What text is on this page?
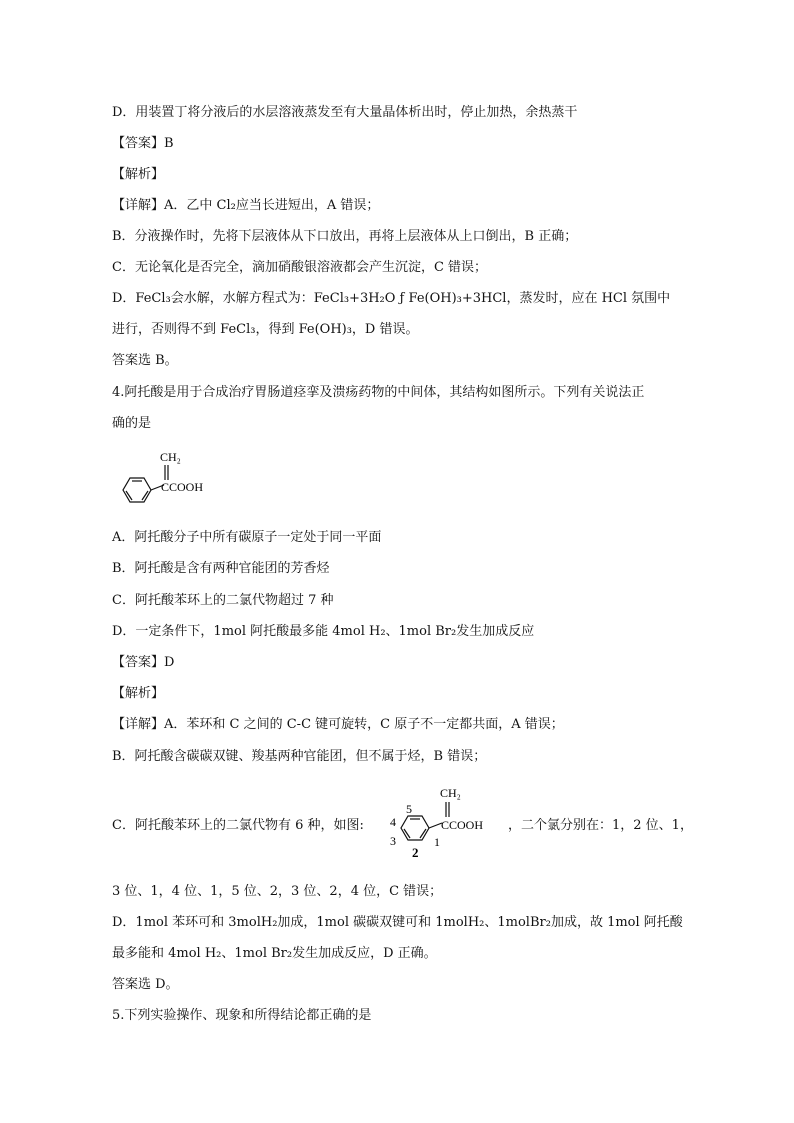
D．用装置丁将分液后的水层溶液蒸发至有大量晶体析出时，停止加热，余热蒸干
【答案】B
【解析】
【详解】A．乙中 Cl₂应当长进短出，A 错误；
B．分液操作时，先将下层液体从下口放出，再将上层液体从上口倒出，B 正确；
C．无论氧化是否完全，滴加硝酸银溶液都会产生沉淀，C 错误；
D．FeCl₃会水解，水解方程式为：FeCl₃+3H₂O ƒ Fe(OH)₃+3HCl，蒸发时，应在 HCl 氛围中
进行，否则得不到 FeCl₃，得到 Fe(OH)₃，D 错误。
答案选 B。
4.阿托酸是用于合成治疗胃肠道痉挛及溃疡药物的中间体，其结构如图所示。下列有关说法正
确的是
CH₂
CCOOH
A．阿托酸分子中所有碳原子一定处于同一平面
B．阿托酸是含有两种官能团的芳香烃
C．阿托酸苯环上的二氯代物超过 7 种
D．一定条件下，1mol 阿托酸最多能 4mol H₂、1mol Br₂发生加成反应
【答案】D
【解析】
【详解】A．苯环和 C 之间的 C-C 键可旋转，C 原子不一定都共面，A 错误；
B．阿托酸含碳碳双键、羧基两种官能团，但不属于烃，B 错误；
C．阿托酸苯环上的二氯代物有 6 种，如图:
CH₂
CCOOH
5
4
3
2
1
，二个氯分别在：1，2 位、1，
3 位、1，4 位、1，5 位、2，3 位、2，4 位，C 错误；
D．1mol 苯环可和 3molH₂加成，1mol 碳碳双键可和 1molH₂、1molBr₂加成，故 1mol 阿托酸
最多能和 4mol H₂、1mol Br₂发生加成反应，D 正确。
答案选 D。
5.下列实验操作、现象和所得结论都正确的是
